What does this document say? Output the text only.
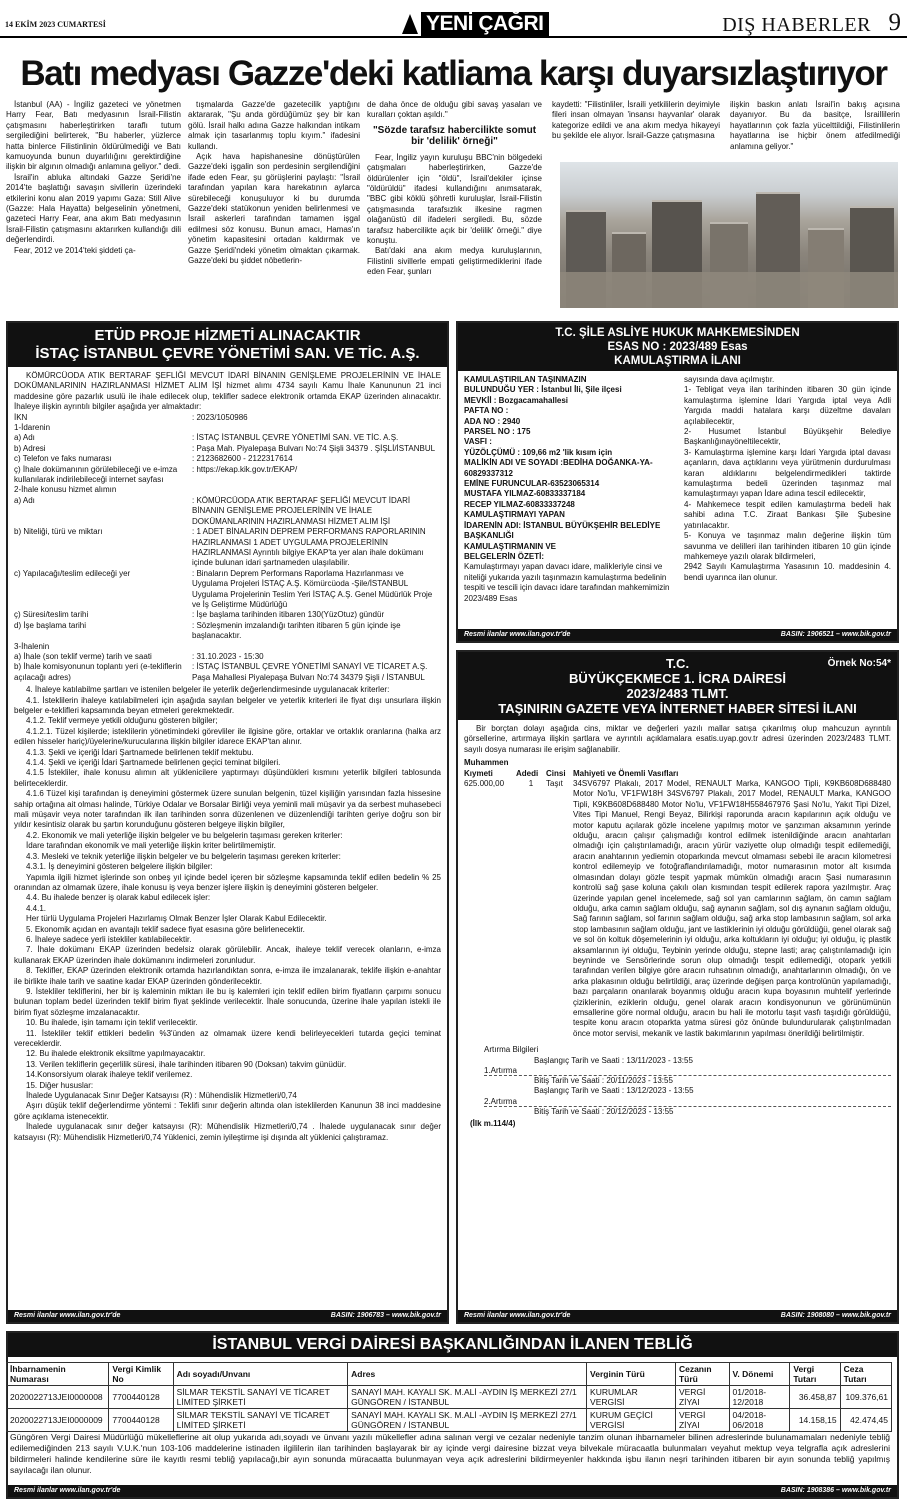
14 EKİM 2023 CUMARTESİ	YENİ ÇAĞRI	DIŞ HABERLER 9
Batı medyası Gazze'deki katliama karşı duyarsızlaştırıyor

İstanbul (AA) - İngiliz gazeteci ve yönetmen Harry Fear, Batı medyasının İsrail-Filistin çatışmasını haberleştirirken taraflı tutum sergilediğini belirterek, "Bu haberler, yüzlerce hatta binlerce Filistinlinin öldürülmediği ve Batı kamuoyunda bunun duyarlılığını gerektirdiğine ilişkin bir algının olmadığı anlamına geliyor." dedi.

İsrail'in abluka altındaki Gazze Şeridi'ne 2014'te başlattığı savaşın sivillerin üzerindeki etkilerini konu alan 2019 yapımı Gaza: Still Alive (Gazze: Hala Hayatta) belgeselinin yönetmeni, gazeteci Harry Fear, ana akım Batı medyasının İsrail-Filistin çatışmasını aktarırken kullandığı dili değerlendirdi.

Fear, 2012 ve 2014'teki şiddeti ça-

tışmalarda Gazze'de gazetecilik yaptığını aktararak, "Şu anda gördüğümüz şey bir kan gölü. İsrail halkı adına Gazze halkından intikam almak için tasarlanmış toplu kıyım." ifadesini kullandı.

Açık hava hapishanesine dönüştürülen Gazze'deki işgalin son perdesinin sergilendiğini ifade eden Fear, şu görüşlerini paylaştı: "İsrail tarafından yapılan kara harekatının aylarca sürebileceği konuşuluyor ki bu durumda Gazze'deki statükonun yeniden belirlenmesi ve İsrail askerleri tarafından tamamen işgal edilmesi söz konusu. Bunun amacı, Hamas'ın yönetim kapasitesini ortadan kaldırmak ve Gazze Şeridi'ndeki yönetim olmaktan çıkarmak. Gazze'deki bu şiddet nöbetlerin-

de daha önce de olduğu gibi savaş yasaları ve kuralları çoktan aşıldı."

"Sözde tarafsız habercilikte somut bir 'delilik' örneği"

Fear, İngiliz yayın kuruluşu BBC'nin bölgedeki çatışmaları haberleştirirken, Gazze'de öldürülenler için "öldü", İsrail'dekiler içinse "öldürüldü" ifadesi kullandığını anımsatarak, "BBC gibi köklü şöhretli kuruluşlar, İsrail-Filistin çatışmasında tarafsızlık ilkesine ragmen olağanüstü dil ifadeleri sergiledi. Bu, sözde tarafsız habercilikte açık bir 'delilik' örneği." diye konuştu.

Batı'daki ana akım medya kuruluşlarının, Filistinli sivillerle empati geliştirmediklerini ifade eden Fear, şunları

kaydetti: "Filistinliler, İsraili yetkililerin deyimiyle fileri insan olmayan 'insansı hayvanlar' olarak kategorize edildi ve ana akım medya hikayeyi bu şekilde ele alıyor. İsrail-Gazze çatışmasına

ilişkin baskın anlatı İsrail'in bakış açısına dayanıyor. Bu da basitçe, İsraillilerin hayatlarının çok fazla yücelttildiği, Filistinlilerin hayatlarına ise hiçbir önem atfedilmediği anlamına geliyor."

ETÜD PROJE HİZMETİ ALINACAKTIR
İSTAÇ İSTANBUL ÇEVRE YÖNETİMİ SAN. VE TİC. A.Ş.

KÖMÜRCÜODA ATIK BERTARAF ŞEFLİĞİ MEVCUT İDARİ BİNANIN GENİŞLEME PROJELERİNİN VE İHALE DOKÜMANLARININ HAZIRLANMASI HİZMET ALIM İŞİ hizmet alımı 4734 sayılı Kamu İhale Kanununun 21 inci maddesine göre pazarlık usulü ile ihale edilecek olup, teklifler sadece elektronik ortamda EKAP üzerinden alınacaktır. İhaleye ilişkin ayrıntılı bilgiler aşağıda yer almaktadır:

İKN	: 2023/1050986
1-İdarenin
a) Adı	: İSTAÇ İSTANBUL ÇEVRE YÖNETİMİ SAN. VE TİC. A.Ş.
b) Adresi	: Paşa Mah. Piyalepaşa Bulvarı No:74 Şişli 34379 . ŞİŞLİ/İSTANBUL
c) Telefon ve faks numarası	: 2123682600 - 2122317614
ç) İhale dokümanının görülebileceği ve e-imza kullanılarak indirilebileceği internet sayfası
: https://ekap.kik.gov.tr/EKAP/
2-İhale konusu hizmet alımın
a) Adı	: KÖMÜRCÜODA ATIK BERTARAF ŞEFLİĞİ MEVCUT İDARİ BİNANIN GENİŞLEME PROJELERİNİN VE İHALE DOKÜMANLARININ HAZIRLANMASI HİZMET ALIM İŞİ
b) Niteliği, türü ve miktarı	: 1 ADET BİNALARIN DEPREM PERFORMANS RAPORLARININ HAZIRLANMASI 1 ADET UYGULAMA PROJELERİNİN HAZIRLANMASI Ayrıntılı bilgiye EKAP'ta yer alan ihale dokümanı içinde bulunan idari şartnameden ulaşılabilir.
c) Yapılacağı/teslim edileceği yer	: Binaların Deprem Performans Raporlama Hazırlanması ve Uygulama Projeleri İSTAÇ A.Ş. Kömürcüoda -Şile/İSTANBUL Uygulama Projelerinin Teslim Yeri İSTAÇ A.Ş. Genel Müdürlük Proje ve İş Geliştirme Müdürlüğü
ç) Süresi/teslim tarihi	: İşe başlama tarihinden itibaren 130(YüzOtuz) gündür
d) İşe başlama tarihi	: Sözleşmenin imzalandığı tarihten itibaren 5 gün içinde işe başlanacaktır.
3-İhalenin
a) İhale (son teklif verme) tarih ve saati	: 31.10.2023 - 15:30
b) İhale komisyonunun toplantı yeri (e-tekliflerin açılacağı adres)
: İSTAÇ İSTANBUL ÇEVRE YÖNETİMİ SANAYİ VE TİCARET A.Ş. Paşa Mahallesi Piyalepaşa Bulvarı No:74 34379 Şişli / İSTANBUL

4. İhaleye katılabilme şartları ve istenilen belgeler ile yeterlik değerlendirmesinde uygulanacak kriterler:

4.1. İsteklilerin ihaleye katılabilmeleri için aşağıda sayılan belgeler ve yeterlik kriterleri ile fiyat dışı unsurlara ilişkin belgeler e-teklifleri kapsamında beyan etmeleri gerekmektedir.

4.1.2. Teklif vermeye yetkili olduğunu gösteren bilgiler;

4.1.2.1. Tüzel kişilerde; isteklilerin yönetimindeki görevliler ile ilgisine göre, ortaklar ve ortaklık oranlarına (halka arz edilen hisseler hariç)/üyelerine/kurucularına ilişkin bilgiler idarece EKAP'tan alınır.

4.1.3. Şekli ve içeriği İdari Şartnamede belirlenen teklif mektubu.

4.1.4. Şekli ve içeriği İdari Şartnamede belirlenen geçici teminat bilgileri.

4.1.5 İstekliler, ihale konusu alımın alt yüklenicilere yaptırmayı düşündükleri kısmını yeterlik bilgileri tablosunda belirteceklerdir.

4.1.6 Tüzel kişi tarafından iş deneyimini göstermek üzere sunulan belgenin, tüzel kişiliğin yarısından fazla hissesine sahip ortağına ait olması halinde, Türkiye Odalar ve Borsalar Birliği veya yeminli mali müşavir ya da serbest muhasebeci mali müşavir veya noter tarafından ilk ilan tarihinden sonra düzenlenen ve düzenlendiği tarihten geriye doğru son bir yıldır kesintisiz olarak bu şartın korunduğunu gösteren belgeye ilişkin bilgiler,

4.2. Ekonomik ve mali yeterliğe ilişkin belgeler ve bu belgelerin taşıması gereken kriterler:

İdare tarafından ekonomik ve mali yeterliğe ilişkin kriter belirtilmemiştir.

4.3. Mesleki ve teknik yeterliğe ilişkin belgeler ve bu belgelerin taşıması gereken kriterler:

4.3.1. İş deneyimini gösteren belgelere ilişkin bilgiler:

Yapımla ilgili hizmet işlerinde son onbeş yıl içinde bedel içeren bir sözleşme kapsamında teklif edilen bedelin % 25 oranından az olmamak üzere, ihale konusu iş veya benzer işlere ilişkin iş deneyimini gösteren belgeler.

4.4. Bu ihalede benzer iş olarak kabul edilecek işler:

4.4.1.

Her türlü Uygulama Projeleri Hazırlamış Olmak Benzer İşler Olarak Kabul Edilecektir.

5. Ekonomik açıdan en avantajlı teklif sadece fiyat esasına göre belirlenecektir.

6. İhaleye sadece yerli istekliler katılabilecektir.

7. İhale dokümanı EKAP üzerinden bedelsiz olarak görülebilir. Ancak, ihaleye teklif verecek olanların, e-imza kullanarak EKAP üzerinden ihale dokümanını indirmeleri zorunludur.

8. Teklifler, EKAP üzerinden elektronik ortamda hazırlandıktan sonra, e-imza ile imzalanarak, teklife ilişkin e-anahtar ile birlikte ihale tarih ve saatine kadar EKAP üzerinden gönderilecektir.

9. İstekliler tekliflerini, her bir iş kaleminin miktarı ile bu iş kalemleri için teklif edilen birim fiyatların çarpımı sonucu bulunan toplam bedel üzerinden teklif birim fiyat şeklinde verilecektir. İhale sonucunda, üzerine ihale yapılan istekli ile birim fiyat sözleşme imzalanacaktır.

10. Bu ihalede, işin tamamı için teklif verilecektir.

11. İstekliler teklif ettikleri bedelin %3'ünden az olmamak üzere kendi belirleyecekleri tutarda geçici teminat vereceklerdir.

12. Bu ihalede elektronik eksiltme yapılmayacaktır.

13. Verilen tekliflerin geçerlilik süresi, ihale tarihinden itibaren 90 (Doksan) takvim günüdür.

14.Konsorsiyum olarak ihaleye teklif verilemez.

15. Diğer hususlar:

İhalede Uygulanacak Sınır Değer Katsayısı (R) : Mühendislik Hizmetleri/0,74

Aşırı düşük teklif değerlendirme yöntemi : Teklifi sınır değerin altında olan isteklilerden Kanunun 38 inci maddesine göre açıklama istenecektir.

İhalede uygulanacak sınır değer katsayısı (R): Mühendislik Hizmetleri/0,74 . İhalede uygulanacak sınır değer katsayısı (R): Mühendislik Hizmetleri/0,74 Yüklenici, zemin iyileştirme işi dışında alt yüklenici çalıştıramaz.

Resmi ilanlar www.ilan.gov.tr'de	BASIN: 1906783 – www.bik.gov.tr
T.C. ŞİLE ASLİYE HUKUK MAHKEMESİNDEN
ESAS NO : 2023/489 Esas
KAMULAŞTIRMA İLANI
KAMULAŞTIRILAN TAŞINMAZIN
BULUNDUĞU YER : İstanbul İli, Şile ilçesi
MEVKİİ : Bozgacamahallesi
PAFTA NO :
ADA NO : 2940
PARSEL NO : 175
VASFI :
YÜZÖLÇÜMÜ : 109,66 m2 'lik kısım için
MALİKİN ADI VE SOYADI :BEDİHA DOĞANKA-YA-60829337312
EMİNE FURUNCULAR-63523065314
MUSTAFA YILMAZ-60833337184
RECEP YILMAZ-60833337248
KAMULAŞTIRMAYI YAPAN
İDARENİN ADI: İSTANBUL BÜYÜKŞEHİR BELEDİYE BAŞKANLIĞI
KAMULAŞTIRMANIN VE
BELGELERİN ÖZETİ:
Kamulaştırmayı yapan davacı idare, malikleriyle cinsi ve niteliği yukarıda yazılı taşınmazın kamulaştırma bedelinin tespiti ve tescili için davacı idare tarafından mahkemimizin 2023/489 Esas
sayısında dava açılmıştır.
1- Tebligat veya ilan tarihinden itibaren 30 gün içinde kamulaştırma işlemine İdari Yargıda iptal veya Adli Yargıda maddi hatalara karşı düzeltme davaları açılabilecektir,
2- Husumet İstanbul Büyükşehir Belediye Başkanlığınayöneltilecektir,
3- Kamulaştırma işlemine karşı İdari Yargıda iptal davası açanların, dava açtıklarını veya yürütmenin durdurulması karan aldıklarını belgelendirmedikleri taktirde kamulaştırma bedeli üzerinden taşınmaz mal kamulaştırmayı yapan İdare adına tescil edilecektir,
4- Mahkemece tespit edilen kamulaştırma bedeli hak sahibi adına T.C. Ziraat Bankası Şile Şubesine yatırılacaktır.
5- Konuya ve taşınmaz malın değerine ilişkin tüm savunma ve delilleri ilan tarihinden itibaren 10 gün içinde mahkemeye yazılı olarak bildirmeleri,
2942 Sayılı Kamulaştırma Yasasının 10. maddesinin 4. bendi uyarınca ilan olunur.
Resmi ilanlar www.ilan.gov.tr'de	BASIN: 1906521 – www.bik.gov.tr
T.C.	Örnek No:54*
BÜYÜKÇEKMECE 1. İCRA DAİRESİ
2023/2483 TLMT.
TAŞINIRIN GAZETE VEYA İNTERNET HABER SİTESİ İLANI

Bir borçtan dolayı aşağıda cins, miktar ve değerleri yazılı mallar satışa çıkarılmış olup mahcuzun ayrıntılı görsellerine, artırmaya ilişkin şartlara ve ayrıntılı açıklamalara esatis.uyap.gov.tr adresi üzerinden 2023/2483 TLMT. sayılı dosya numarası ile erişim sağlanabilir.

Muhammen
Kıymeti	Adedi Cinsi Mahiyeti ve Önemli Vasıfları
625.000,00	1	Taşıt	34SV6797 Plakalı, 2017 Model, RENAULT Marka, KANGOO Tipli, K9KB608D688480 Motor No'lu, VF1FW18H 34SV6797 Plakalı, 2017 Model, RENAULT Marka, KANGOO Tipli, K9KB608D688480 Motor No'lu, VF1FW18H558467976 Şasi No'lu, Yakıt Tipi Dizel, Vites Tipi Manuel, Rengi Beyaz, Bilirkişi raporunda aracın kapılarının açık olduğu ve motor kaputu açılarak gözle incelene yapılmış motor ve şanzıman aksamının yerinde olduğu, aracın çalışır çalışmadığı kontrol edilmek istenildiğinde aracın anahtarları olmadığı için çalıştırılamadığı, aracın yürür vaziyette olup olmadığı tespit edilemediği, aracın anahtarının yediemin otoparkında mevcut olmaması sebebi ile aracın kilometresi kontrol edilemeyip ve fotoğraflandırılamadığı, motor numarasının motor alt kısımda olmasından dolayı gözle tespit yapmak mümkün olmadığı aracın Şasi numarasının kontrolü sağ şase koluna çakılı olan kısmından tespit edilerek rapora yazılmıştır. Araç üzerinde yapılan genel incelemede, sağ sol yan camlarının sağlam, ön camın sağlam olduğu, arka camın sağlam olduğu, sağ aynanın sağlam, sol dış aynanın sağlam olduğu, Sağ farının sağlam, sol farının sağlam olduğu, sağ arka stop lambasının sağlam, sol arka stop lambasının sağlam olduğu, jant ve lastiklerinin iyi olduğu görüldüğü, genel olarak sağ ve sol ön koltuk döşemelerinin iyi olduğu, arka koltukların iyi olduğu; iyi olduğu, iç plastik aksamlarının iyi olduğu, Teybinin yerinde olduğu, stepne lasti; araç çalıştırılamadığı için beyninde ve Sensörlerinde sorun olup olmadığı tespit edilemediği, otopark yetkili tarafından verilen bilgiye göre aracın ruhsatının olmadığı, anahtarlarının olmadığı, ön ve arka plakasının olduğu belirtildiği, araç üzerinde değişen parça kontrolünün yapılamadığı, bazı parçaların onarılarak boyanmış olduğu aracın kupa boyasının muhtelif yerlerinde çiziklerinin, eziklerin olduğu, genel olarak aracın kondisyonunun ve görünümünün emsallerine göre normal olduğu, aracın bu hali ile motorlu taşıt vasfı taşıdığı görüldüğü, tespite konu aracın otoparkta yatma süresi göz önünde bulundurularak çalıştırılmadan önce motor servisi, mekanik ve lastik bakımlarının yapılması önerildiği belirtilmiştir.
Artırma Bilgileri
Başlangıç Tarih ve Saati : 13/11/2023 - 13:55
1.Artırma
Bitiş Tarih ve Saati : 20/11/2023 - 13:55
Başlangıç Tarih ve Saati : 13/12/2023 - 13:55
2.Artırma
Bitiş Tarih ve Saati : 20/12/2023 - 13:55
(İlk m.114/4)
Resmi ilanlar www.ilan.gov.tr'de	BASIN: 1908080 – www.bik.gov.tr
İSTANBUL VERGİ DAİRESİ BAŞKANLIĞINDAN İLANEN TEBLİĞ
Resmi ilanlar www.ilan.gov.tr'de	BASIN: 1908386 – www.bik.gov.tr
İhbarnamenin Numarası	Vergi Kimlik No	Adı soyadı/Unvanı	Adres	Verginin Türü	Cezanın Türü	V. Dönemi	Vergi Tutarı	Ceza Tutarı
2020022713JEI0000008	7700440128	SİLMAR TEKSTİL SANAYİ VE TİCARET LİMİTED ŞİRKETİ	SANAYİ MAH. KAYALI SK. M.ALİ -AYDIN İŞ MERKEZİ 27/1 GÜNGÖREN / İSTANBUL	KURUMLAR VERGİSİ	VERGİ ZİYAI	01/2018-12/2018	36.458,87	109.376,61
2020022713JEI0000009	7700440128	SİLMAR TEKSTİL SANAYİ VE TİCARET LİMİTED ŞİRKETİ	SANAYİ MAH. KAYALI SK. M.ALİ -AYDIN İŞ MERKEZİ 27/1 GÜNGÖREN / İSTANBUL	KURUM GEÇİCİ VERGİSİ	VERGİ ZİYAI	04/2018-06/2018	14.158,15	42.474,45
Güngören Vergi Dairesi Müdürlüğü mükelleflerine ait olup yukarıda adı,soyadı ve ünvanı yazılı mükellefler adına salınan vergi ve cezalar nedeniyle tanzim olunan ihbarnameler bilinen adreslerinde bulunamamaları nedeniyle tebliğ edilemediğinden 213 sayılı V.U.K.'nun 103-106 maddelerine istinaden ilgililerin ilan tarihinden başlayarak bir ay içinde vergi dairesine bizzat veya bilvekale müracaatla bulunmaları veyahut mektup veya telgrafla açık adreslerini bildirmeleri halinde kendilerine süre ile kayıtlı resmi tebliğ yapılacağı,bir ayın sonunda müracaatta bulunmayan veya açık adreslerini bildirmeyenler hakkında işbu ilanın neşri tarihinden itibaren bir ayın sonunda tebliğ yapılmış sayılacağı ilan olunur.
